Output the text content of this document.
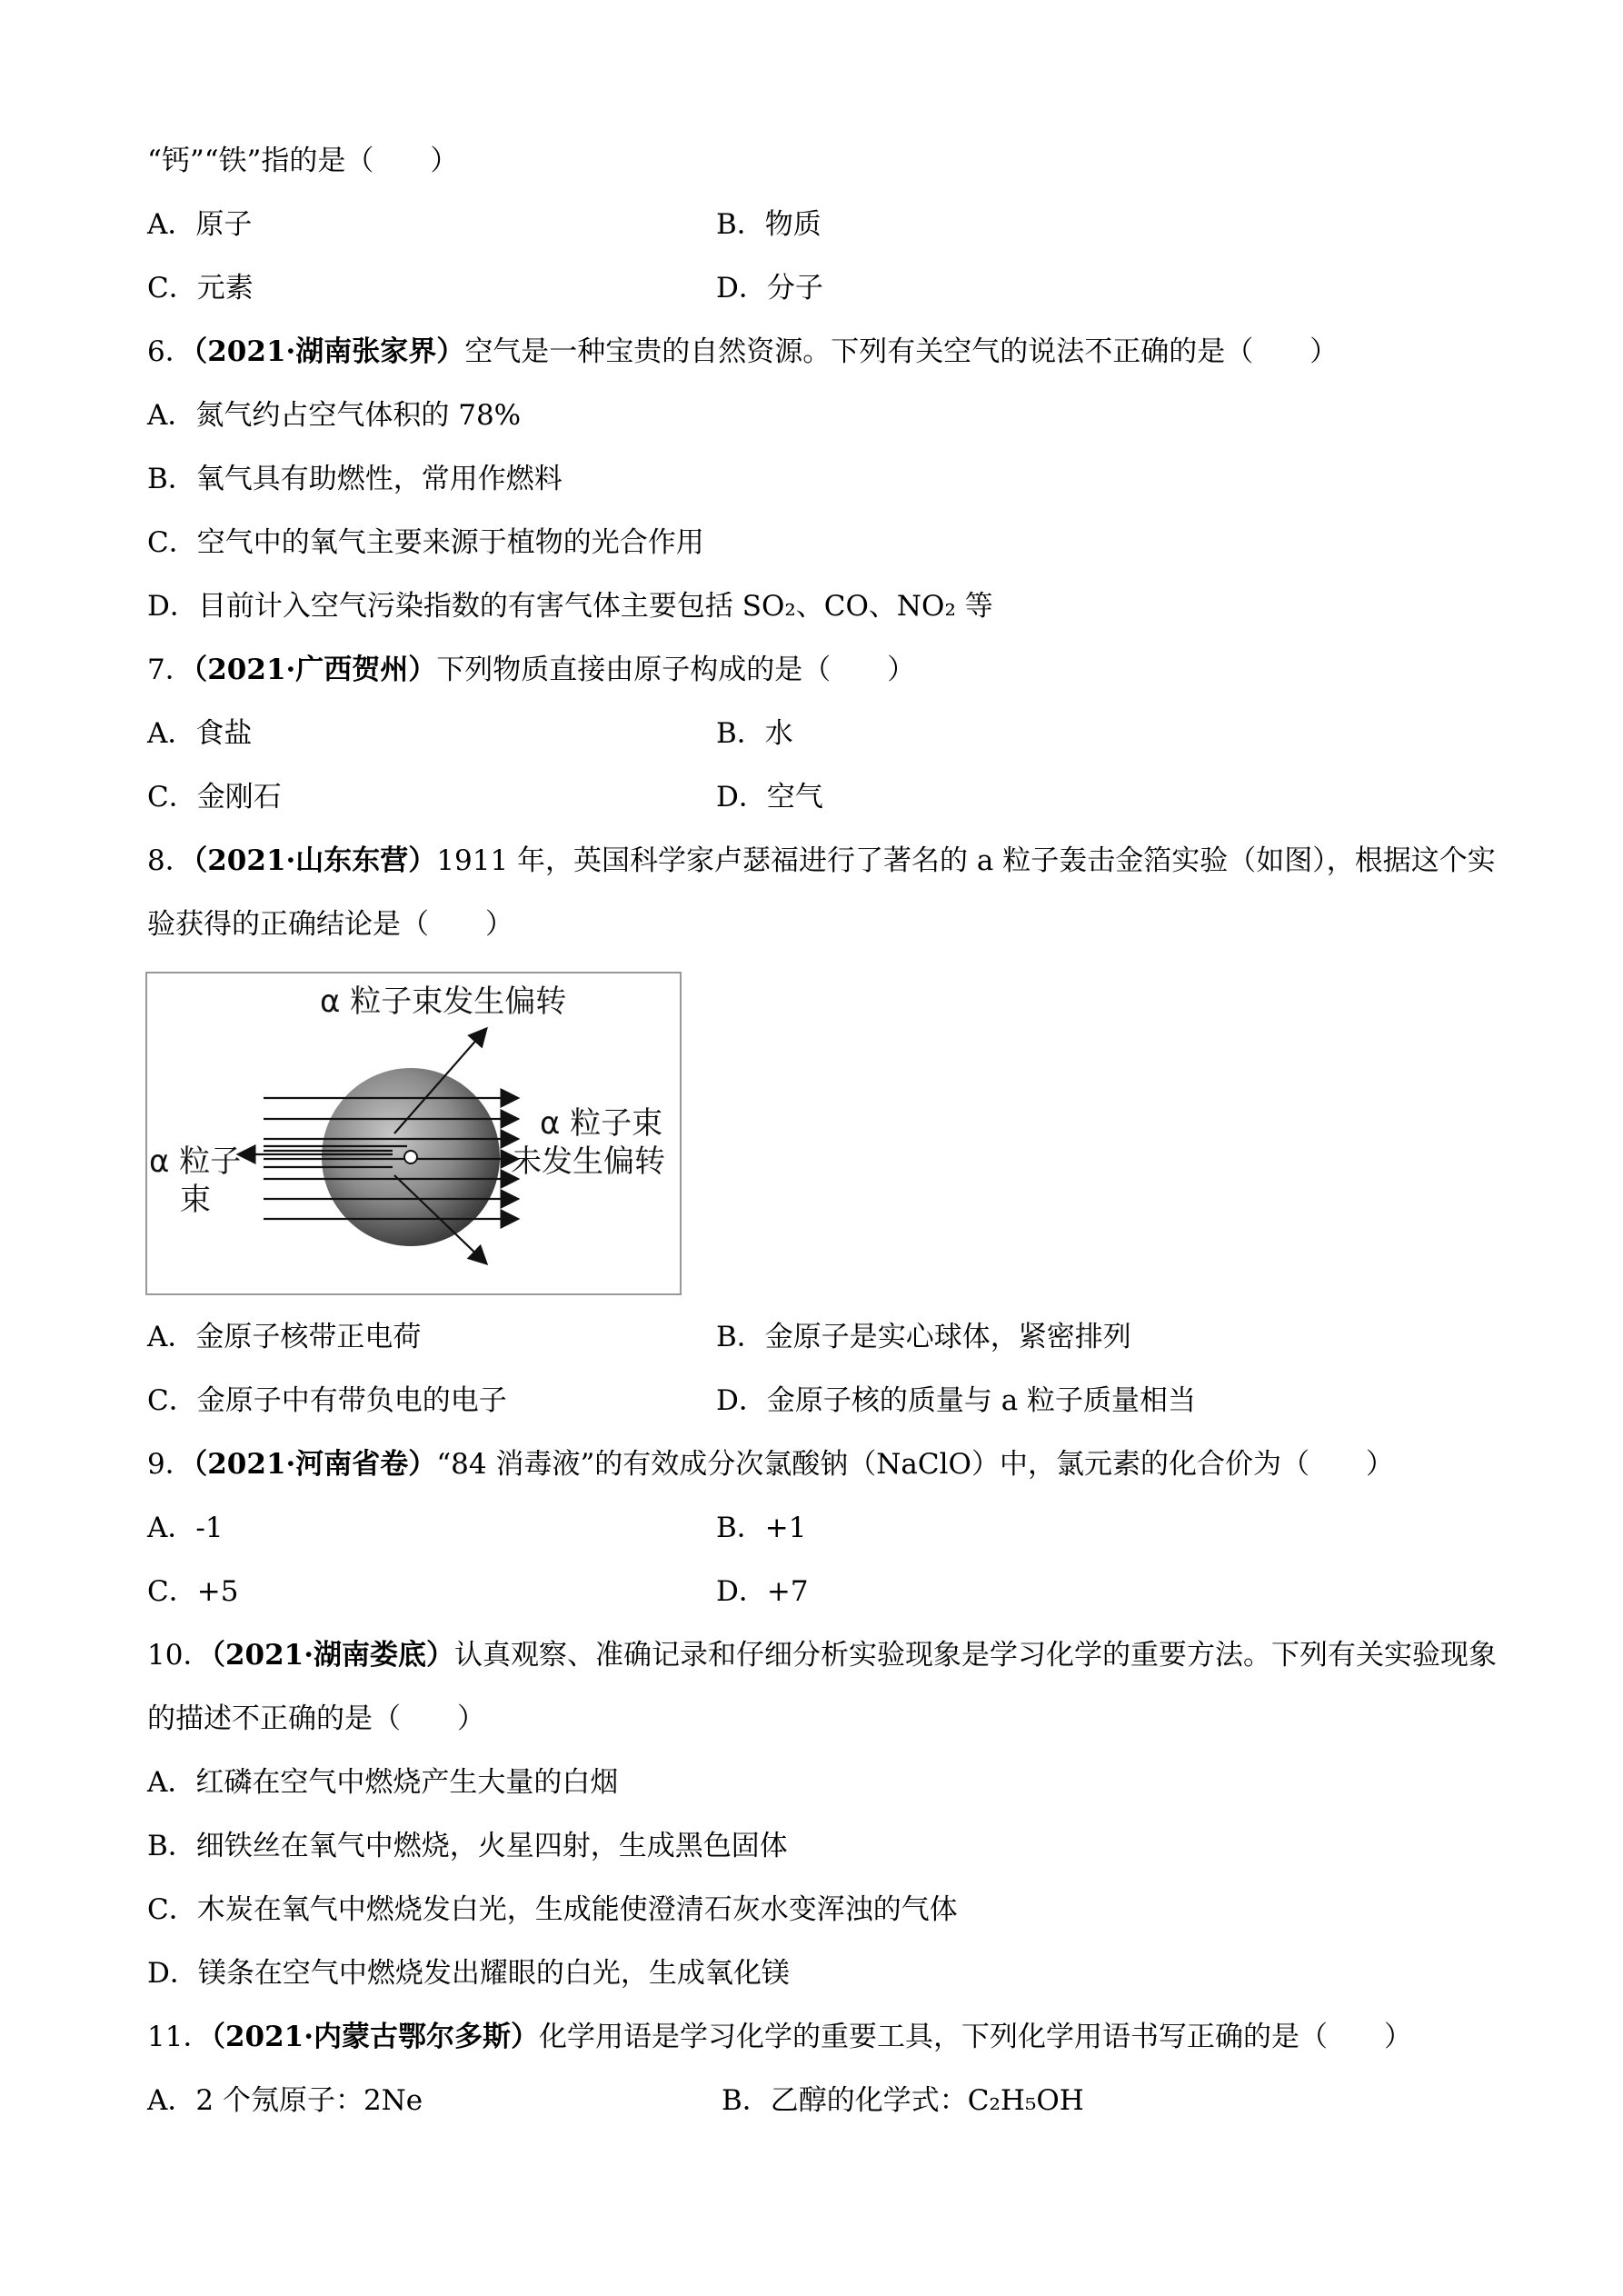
“钙”“铁”指的是（　　）
A．原子	B．物质
C．元素	D．分子
6．（2021·湖南张家界）空气是一种宝贵的自然资源。下列有关空气的说法不正确的是（　　）
A．氮气约占空气体积的 78%
B．氧气具有助燃性，常用作燃料
C．空气中的氧气主要来源于植物的光合作用
D．目前计入空气污染指数的有害气体主要包括 SO₂、CO、NO₂ 等
7．（2021·广西贺州）下列物质直接由原子构成的是（　　）
A．食盐	B．水
C．金刚石	D．空气
8．（2021·山东东营）1911 年，英国科学家卢瑟福进行了著名的 a 粒子轰击金箔实验（如图），根据这个实
验获得的正确结论是（　　）
α 粒子束发生偏转
α 粒子束
未发生偏转
α 粒子
束
A．金原子核带正电荷	B．金原子是实心球体，紧密排列
C．金原子中有带负电的电子	D．金原子核的质量与 a 粒子质量相当
9．（2021·河南省卷）“84 消毒液”的有效成分次氯酸钠（NaClO）中，氯元素的化合价为（　　）
A．-1	B．+1
C．+5	D．+7
10．（2021·湖南娄底）认真观察、准确记录和仔细分析实验现象是学习化学的重要方法。下列有关实验现象
的描述不正确的是（　　）
A．红磷在空气中燃烧产生大量的白烟
B．细铁丝在氧气中燃烧，火星四射，生成黑色固体
C．木炭在氧气中燃烧发白光，生成能使澄清石灰水变浑浊的气体
D．镁条在空气中燃烧发出耀眼的白光，生成氧化镁
11．（2021·内蒙古鄂尔多斯）化学用语是学习化学的重要工具，下列化学用语书写正确的是（　　）
A．2 个氖原子：2Ne	B．乙醇的化学式：C₂H₅OH
